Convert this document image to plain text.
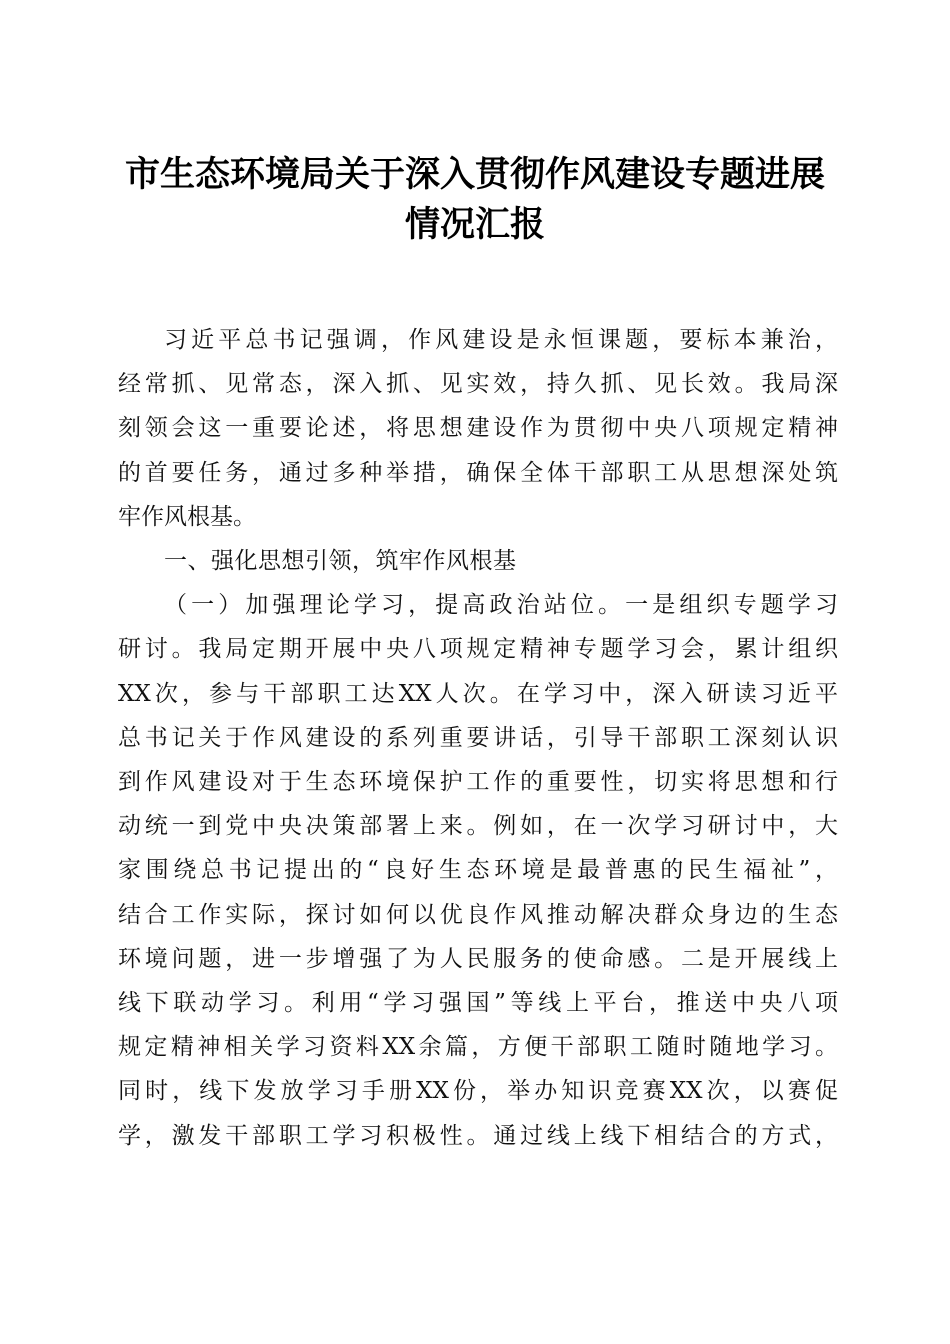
市生态环境局关于深入贯彻作风建设专题进展
情况汇报
习近平总书记强调，作风建设是永恒课题，要标本兼治，
经常抓、见常态，深入抓、见实效，持久抓、见长效。我局深
刻领会这一重要论述，将思想建设作为贯彻中央八项规定精神
的首要任务，通过多种举措，确保全体干部职工从思想深处筑
牢作风根基。
一、强化思想引领，筑牢作风根基
（一）加强理论学习，提高政治站位。一是组织专题学习
研讨。我局定期开展中央八项规定精神专题学习会，累计组织
XX次，参与干部职工达XX人次。在学习中，深入研读习近平
总书记关于作风建设的系列重要讲话，引导干部职工深刻认识
到作风建设对于生态环境保护工作的重要性，切实将思想和行
动统一到党中央决策部署上来。例如，在一次学习研讨中，大
家围绕总书记提出的“良好生态环境是最普惠的民生福祉”，
结合工作实际，探讨如何以优良作风推动解决群众身边的生态
环境问题，进一步增强了为人民服务的使命感。二是开展线上
线下联动学习。利用“学习强国”等线上平台，推送中央八项
规定精神相关学习资料XX余篇，方便干部职工随时随地学习。
同时，线下发放学习手册XX份，举办知识竞赛XX次，以赛促
学，激发干部职工学习积极性。通过线上线下相结合的方式，
